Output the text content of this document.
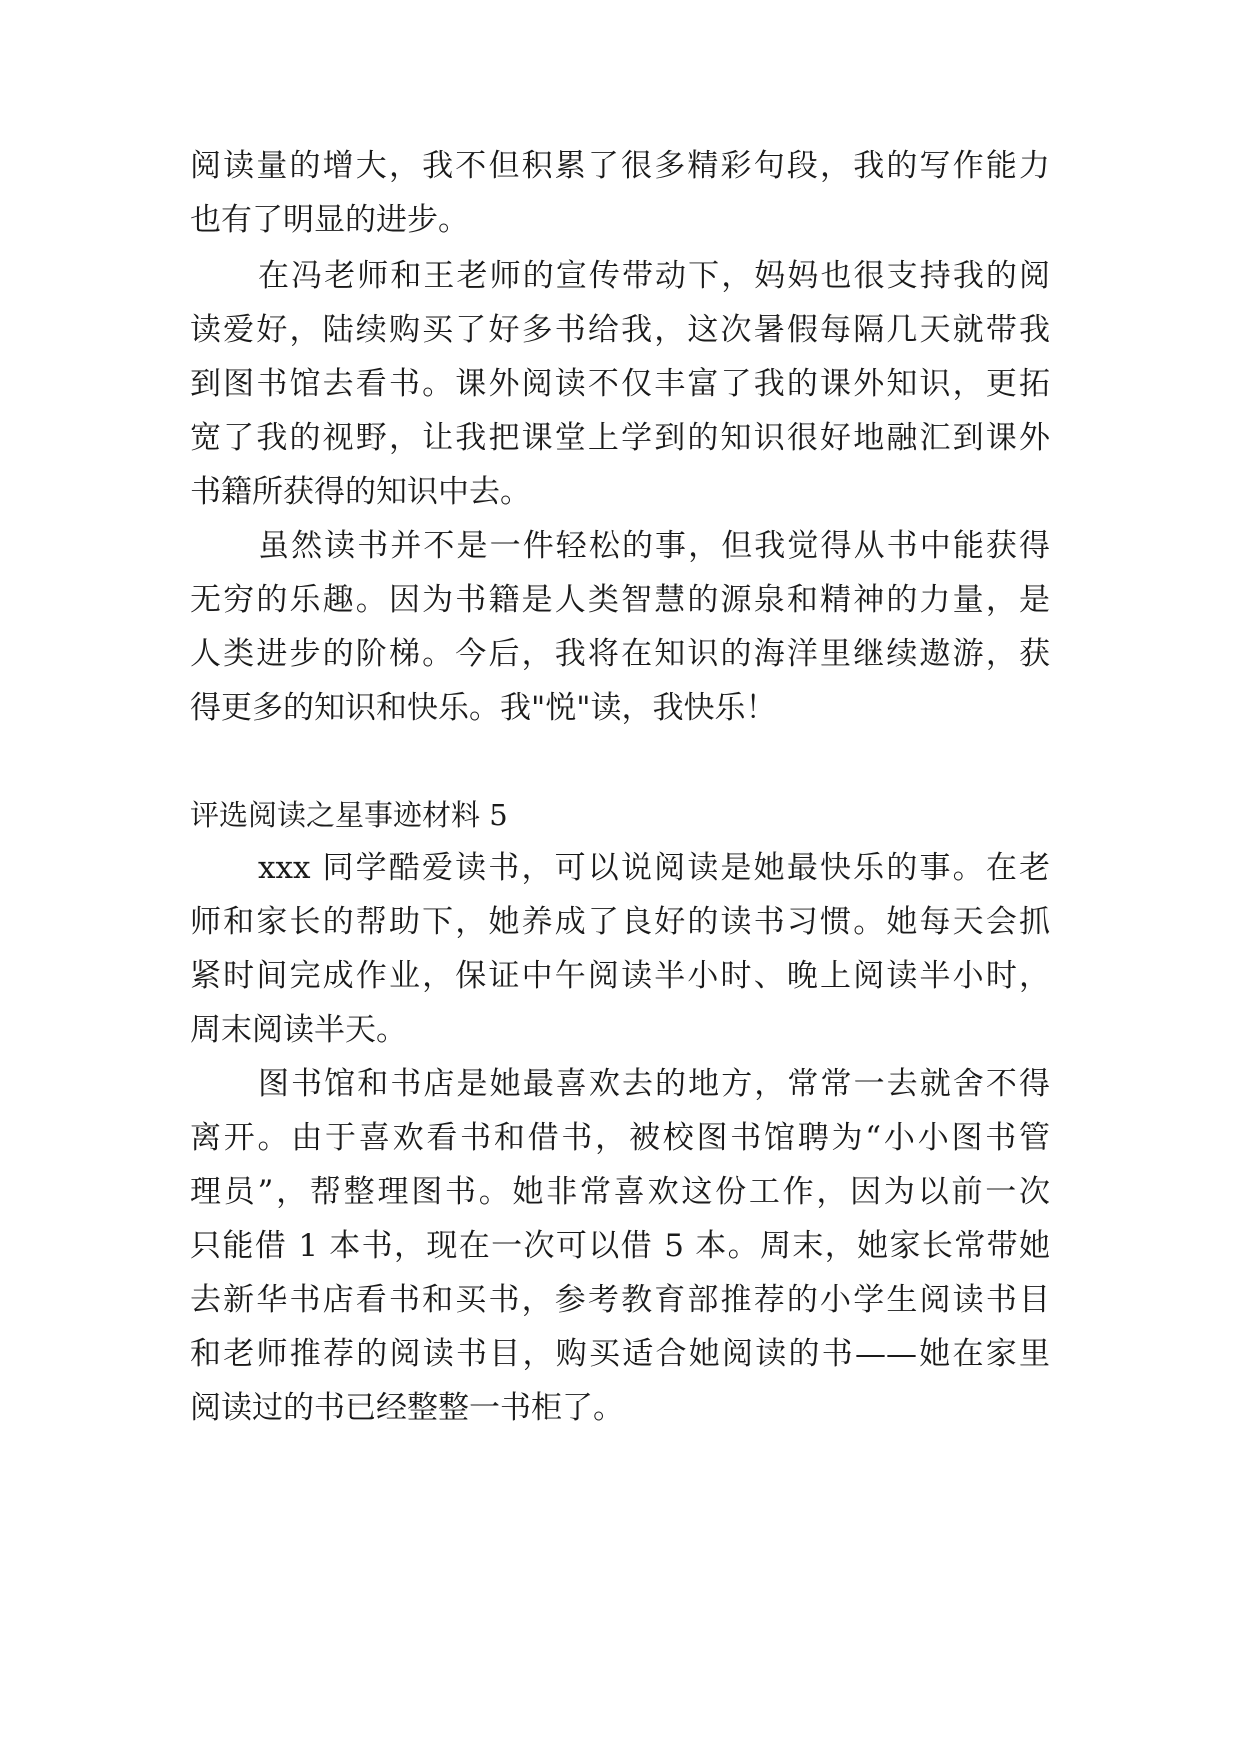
阅读量的增大，我不但积累了很多精彩句段，我的写作能力
也有了明显的进步。
在冯老师和王老师的宣传带动下，妈妈也很支持我的阅
读爱好，陆续购买了好多书给我，这次暑假每隔几天就带我
到图书馆去看书。课外阅读不仅丰富了我的课外知识，更拓
宽了我的视野，让我把课堂上学到的知识很好地融汇到课外
书籍所获得的知识中去。
虽然读书并不是一件轻松的事，但我觉得从书中能获得
无穷的乐趣。因为书籍是人类智慧的源泉和精神的力量，是
人类进步的阶梯。今后，我将在知识的海洋里继续遨游，获
得更多的知识和快乐。我"悦"读，我快乐！
评选阅读之星事迹材料 5
xxx 同学酷爱读书，可以说阅读是她最快乐的事。在老
师和家长的帮助下，她养成了良好的读书习惯。她每天会抓
紧时间完成作业，保证中午阅读半小时、晚上阅读半小时，
周末阅读半天。
图书馆和书店是她最喜欢去的地方，常常一去就舍不得
离开。由于喜欢看书和借书，被校图书馆聘为“小小图书管
理员”，帮整理图书。她非常喜欢这份工作，因为以前一次
只能借 1 本书，现在一次可以借 5 本。周末，她家长常带她
去新华书店看书和买书，参考教育部推荐的小学生阅读书目
和老师推荐的阅读书目，购买适合她阅读的书——她在家里
阅读过的书已经整整一书柜了。
